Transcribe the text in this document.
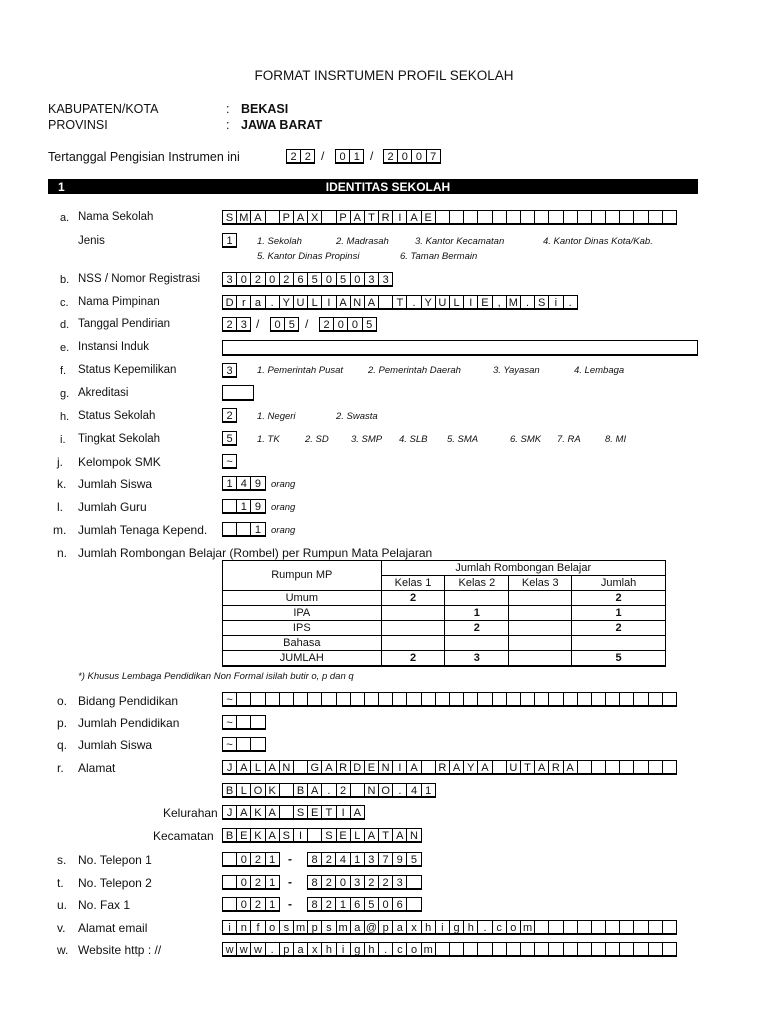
FORMAT INSRTUMEN PROFIL SEKOLAH
KABUPATEN/KOTA	: BEKASI
PROVINSI	: JAWA BARAT
Tertanggal Pengisian Instrumen ini	2 2 /	0 1 /	2 0 0 7
1	IDENTITAS SEKOLAH
a. Nama Sekolah	S M A	P A X	P A T R I A E
Jenis	1	1. Sekolah	2. Madrasah	3. Kantor Kecamatan	4. Kantor Dinas Kota/Kab.
5. Kantor Dinas Propinsi	6. Taman Bermain
b. NSS / Nomor Registrasi	3 0 2 0 2 6 5 0 5 0 3 3
c. Nama Pimpinan	D r a . Y U L I A N A	T . Y U L I E , M . S i	.
d. Tanggal Pendirian	2 3 /	0 5 /	2 0 0 5
e. Instansi Induk
f. Status Kepemilikan	3	1. Pemerintah Pusat	2. Pemerintah Daerah	3. Yayasan	4. Lembaga
g. Akreditasi
h. Status Sekolah	2	1. Negeri	2. Swasta
i. Tingkat Sekolah	5	1. TK	2. SD 3. SMP 4. SLB 5. SMA	6. SMK 7. RA	8. MI
j. Kelompok SMK	~
k. Jumlah Siswa	1 4 9	orang
l. Jumlah Guru	1 9	orang
m. Jumlah Tenaga Kepend.	1	orang
n. Jumlah Rombongan Belajar (Rombel) per Rumpun Mata Pelajaran
Rumpun MP	Jumlah Rombongan Belajar			
	Kelas 1	Kelas 2	Kelas 3	Jumlah
Umum	2			2
IPA		1		1
IPS		2		2
Bahasa				
JUMLAH	2	3		5
*) Khusus Lembaga Pendidikan Non Formal isilah butir o, p dan q
o. Bidang Pendidikan	~
p. Jumlah Pendidikan	~
q. Jumlah Siswa	~
r. Alamat	J A L A N	G A R D E N I A	R A Y A	U T A R A
B L O K	B A . 2	N O . 4 1
Kelurahan J A K A	S E T I A
Kecamatan	B E K A S I	S E L A T A N
s. No. Telepon 1	0 2 1	-	8 2 4 1 3 7 9 5
t. No. Telepon 2	0 2 1	-	8 2 0 3 2 2 3
u. No. Fax 1	0 2 1	-	8 2 1 6 5 0 6
v. Alamat email	i n f o s m p s m a @ p a x h i g h . c o m
w. Website http : //	w w w . p a x h i g h . c o m
